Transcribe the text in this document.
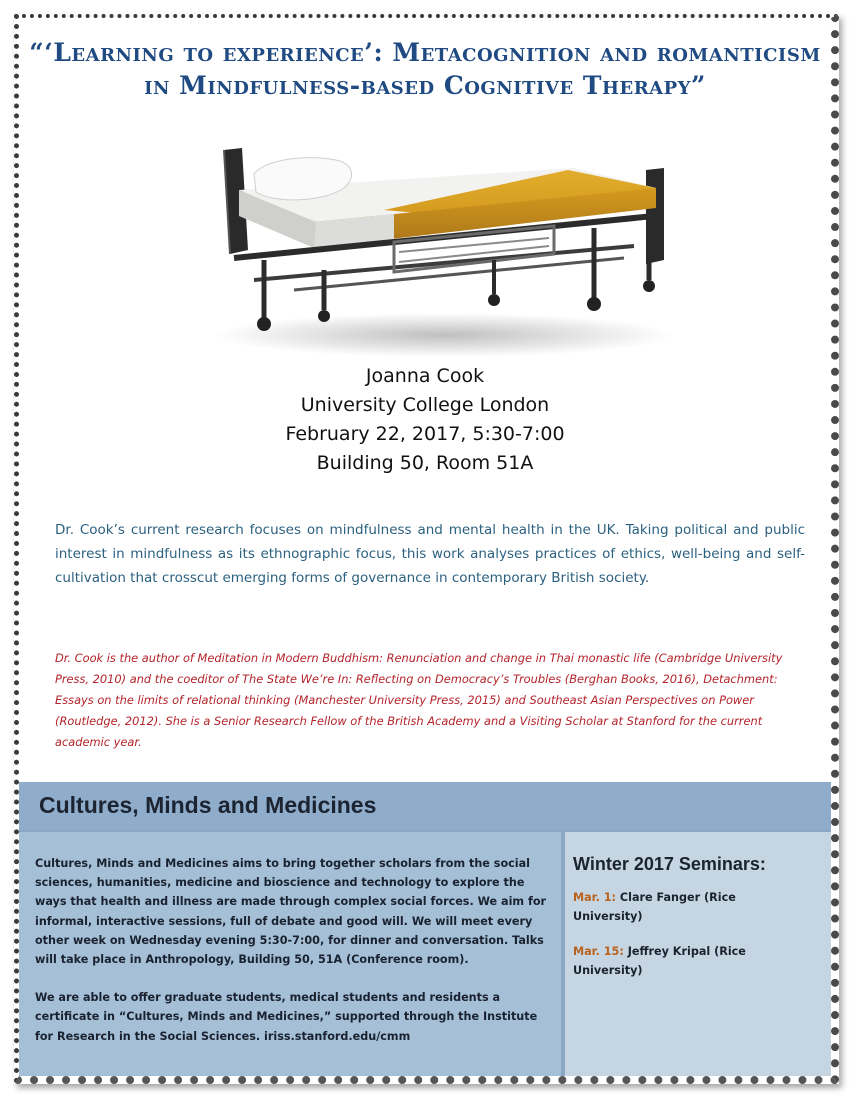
“‘Learning to experience’: Metacognition and romanticism in Mindfulness-based Cognitive Therapy”
Joanna Cook
University College London
February 22, 2017, 5:30-7:00
Building 50, Room 51A

Dr. Cook’s current research focuses on mindfulness and mental health in the UK. Taking political and public interest in mindfulness as its ethnographic focus, this work analyses practices of ethics, well-being and self-cultivation that crosscut emerging forms of governance in contemporary British society.

Dr. Cook is the author of Meditation in Modern Buddhism: Renunciation and change in Thai monastic life (Cambridge University Press, 2010) and the coeditor of The State We’re In: Reflecting on Democracy’s Troubles (Berghan Books, 2016), Detachment: Essays on the limits of relational thinking (Manchester University Press, 2015) and Southeast Asian Perspectives on Power (Routledge, 2012). She is a Senior Research Fellow of the British Academy and a Visiting Scholar at Stanford for the current academic year.

Cultures, Minds and Medicines

Cultures, Minds and Medicines aims to bring together scholars from the social sciences, humanities, medicine and bioscience and technology to explore the ways that health and illness are made through complex social forces. We aim for informal, interactive sessions, full of debate and good will. We will meet every other week on Wednesday evening 5:30-7:00, for dinner and conversation. Talks will take place in Anthropology, Building 50, 51A (Conference room).

We are able to offer graduate students, medical students and residents a certificate in “Cultures, Minds and Medicines,” supported through the Institute for Research in the Social Sciences. iriss.stanford.edu/cmm

Winter 2017 Seminars:
Mar. 1: Clare Fanger (Rice University)
Mar. 15: Jeffrey Kripal (Rice University)
